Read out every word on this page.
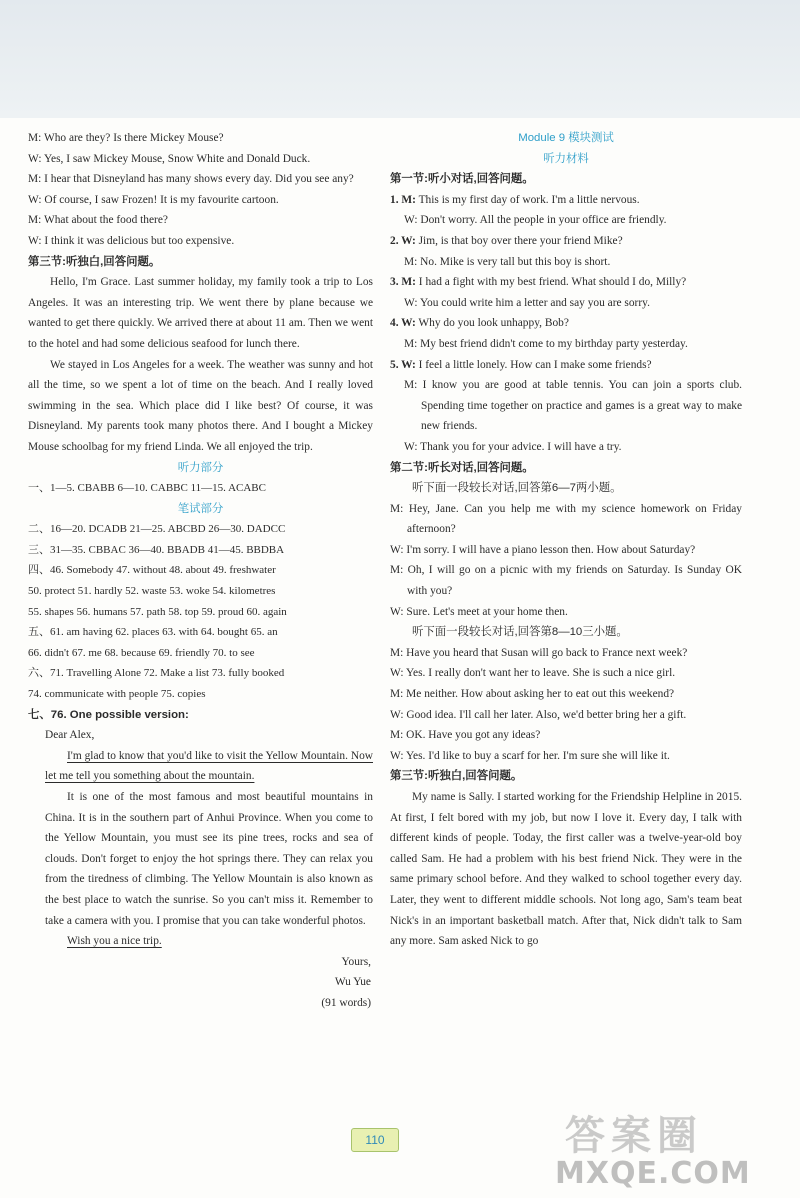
M: Who are they? Is there Mickey Mouse?

W: Yes, I saw Mickey Mouse, Snow White and Donald Duck.

M: I hear that Disneyland has many shows every day. Did you see any?

W: Of course, I saw Frozen! It is my favourite cartoon.

M: What about the food there?

W: I think it was delicious but too expensive.

第三节:听独白,回答问题。

Hello, I'm Grace. Last summer holiday, my family took a trip to Los Angeles. It was an interesting trip. We went there by plane because we wanted to get there quickly. We arrived there at about 11 am. Then we went to the hotel and had some delicious seafood for lunch there.

We stayed in Los Angeles for a week. The weather was sunny and hot all the time, so we spent a lot of time on the beach. And I really loved swimming in the sea. Which place did I like best? Of course, it was Disneyland. My parents took many photos there. And I bought a Mickey Mouse schoolbag for my friend Linda. We all enjoyed the trip.

听力部分

一、1—5. CBABB 6—10. CABBC 11—15. ACABC

笔试部分

二、16—20. DCADB 21—25. ABCBD 26—30. DADCC

三、31—35. CBBAC 36—40. BBADB 41—45. BBDBA

四、46. Somebody 47. without 48. about 49. freshwater

50. protect 51. hardly 52. waste 53. woke 54. kilometres

55. shapes 56. humans 57. path 58. top 59. proud 60. again

五、61. am having 62. places 63. with 64. bought 65. an

66. didn't 67. me 68. because 69. friendly 70. to see

六、71. Travelling Alone 72. Make a list 73. fully booked

74. communicate with people 75. copies

七、76. One possible version:

Dear Alex,

I'm glad to know that you'd like to visit the Yellow Mountain. Now let me tell you something about the mountain.

It is one of the most famous and most beautiful mountains in China. It is in the southern part of Anhui Province. When you come to the Yellow Mountain, you must see its pine trees, rocks and sea of clouds. Don't forget to enjoy the hot springs there. They can relax you from the tiredness of climbing. The Yellow Mountain is also known as the best place to watch the sunrise. So you can't miss it. Remember to take a camera with you. I promise that you can take wonderful photos.

Wish you a nice trip.

Yours,

Wu Yue

(91 words)

Module 9 模块测试

听力材料

第一节:听小对话,回答问题。

1. M: This is my first day of work. I'm a little nervous.

W: Don't worry. All the people in your office are friendly.

2. W: Jim, is that boy over there your friend Mike?

M: No. Mike is very tall but this boy is short.

3. M: I had a fight with my best friend. What should I do, Milly?

W: You could write him a letter and say you are sorry.

4. W: Why do you look unhappy, Bob?

M: My best friend didn't come to my birthday party yesterday.

5. W: I feel a little lonely. How can I make some friends?

M: I know you are good at table tennis. You can join a sports club. Spending time together on practice and games is a great way to make new friends.

W: Thank you for your advice. I will have a try.

第二节:听长对话,回答问题。

听下面一段较长对话,回答第6—7两小题。

M: Hey, Jane. Can you help me with my science homework on Friday afternoon?

W: I'm sorry. I will have a piano lesson then. How about Saturday?

M: Oh, I will go on a picnic with my friends on Saturday. Is Sunday OK with you?

W: Sure. Let's meet at your home then.

听下面一段较长对话,回答第8—10三小题。

M: Have you heard that Susan will go back to France next week?

W: Yes. I really don't want her to leave. She is such a nice girl.

M: Me neither. How about asking her to eat out this weekend?

W: Good idea. I'll call her later. Also, we'd better bring her a gift.

M: OK. Have you got any ideas?

W: Yes. I'd like to buy a scarf for her. I'm sure she will like it.

第三节:听独白,回答问题。

My name is Sally. I started working for the Friendship Helpline in 2015. At first, I felt bored with my job, but now I love it. Every day, I talk with different kinds of people. Today, the first caller was a twelve-year-old boy called Sam. He had a problem with his best friend Nick. They were in the same primary school before. And they walked to school together every day. Later, they went to different middle schools. Not long ago, Sam's team beat Nick's in an important basketball match. After that, Nick didn't talk to Sam any more. Sam asked Nick to go

110	答案圈
MXQE.COM
